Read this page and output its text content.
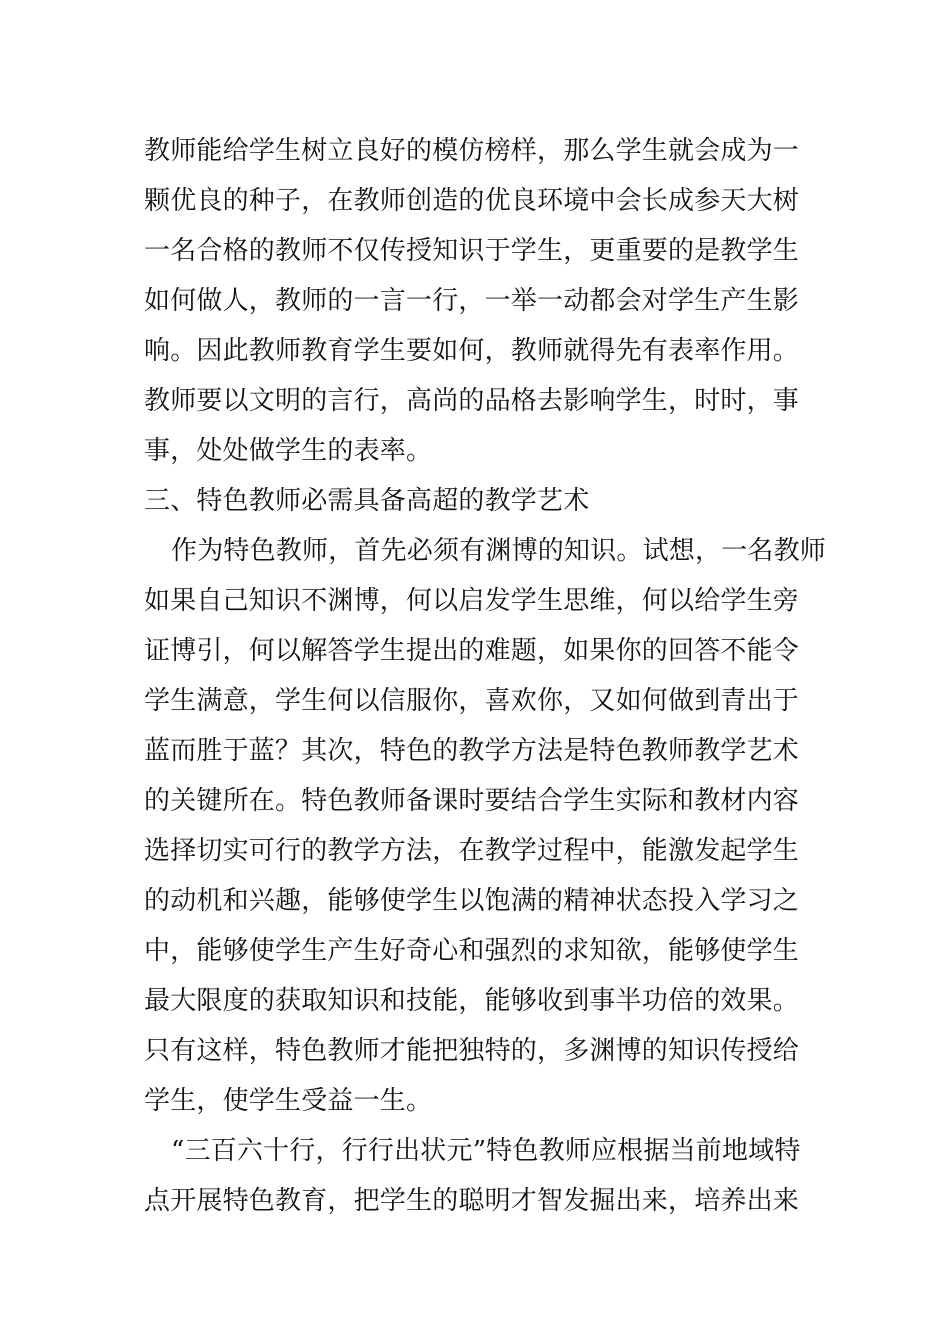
教师能给学生树立良好的模仿榜样，那么学生就会成为一
颗优良的种子，在教师创造的优良环境中会长成参天大树
一名合格的教师不仅传授知识于学生，更重要的是教学生
如何做人，教师的一言一行，一举一动都会对学生产生影
响。因此教师教育学生要如何，教师就得先有表率作用。
教师要以文明的言行，高尚的品格去影响学生，时时，事
事，处处做学生的表率。
三、特色教师必需具备高超的教学艺术
作为特色教师，首先必须有渊博的知识。试想，一名教师
如果自己知识不渊博，何以启发学生思维，何以给学生旁
证博引，何以解答学生提出的难题，如果你的回答不能令
学生满意，学生何以信服你，喜欢你，又如何做到青出于
蓝而胜于蓝？其次，特色的教学方法是特色教师教学艺术
的关键所在。特色教师备课时要结合学生实际和教材内容
选择切实可行的教学方法，在教学过程中，能激发起学生
的动机和兴趣，能够使学生以饱满的精神状态投入学习之
中，能够使学生产生好奇心和强烈的求知欲，能够使学生
最大限度的获取知识和技能，能够收到事半功倍的效果。
只有这样，特色教师才能把独特的，多渊博的知识传授给
学生，使学生受益一生。
“三百六十行，行行出状元”特色教师应根据当前地域特
点开展特色教育，把学生的聪明才智发掘出来，培养出来
